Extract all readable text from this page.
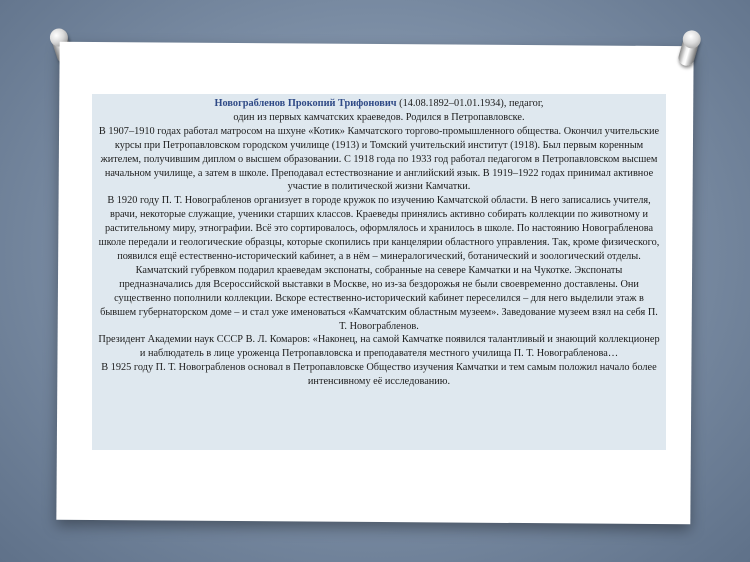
Новограбленов Прокопий Трифонович (14.08.1892–01.01.1934), педагог,

один из первых камчатских краеведов. Родился в Петропавловске.

В 1907–1910 годах работал матросом на шхуне «Котик» Камчатского торгово-промышленного общества. Окончил учительские курсы при Петропавловском городском училище (1913) и Томский учительский институт (1918). Был первым коренным жителем, получившим диплом о высшем образовании. С 1918 года по 1933 год работал педагогом в Петропавловском высшем начальном училище, а затем в школе. Преподавал естествознание и английский язык. В 1919–1922 годах принимал активное участие в политической жизни Камчатки.

В 1920 году П. Т. Новограбленов организует в городе кружок по изучению Камчатской области. В него записались учителя, врачи, некоторые служащие, ученики старших классов. Краеведы принялись активно собирать коллекции по животному и растительному миру, этнографии. Всё это сортировалось, оформлялось и хранилось в школе. По настоянию Новограбленова школе передали и геологические образцы, которые скопились при канцелярии областного управления. Так, кроме физического, появился ещё естественно-исторический кабинет, а в нём – минералогический, ботанический и зоологический отделы.

Камчатский губревком подарил краеведам экспонаты, собранные на севере Камчатки и на Чукотке. Экспонаты предназначались для Всероссийской выставки в Москве, но из-за бездорожья не были своевременно доставлены. Они существенно пополнили коллекции. Вскоре естественно-исторический кабинет переселился – для него выделили этаж в бывшем губернаторском доме – и стал уже именоваться «Камчатским областным музеем». Заведование музеем взял на себя П. Т. Новограбленов.

Президент Академии наук СССР В. Л. Комаров: «Наконец, на самой Камчатке появился талантливый и знающий коллекционер и наблюдатель в лице уроженца Петропавловска и преподавателя местного училища П. Т. Новограбленова…

В 1925 году П. Т. Новограбленов основал в Петропавловске Общество изучения Камчатки и тем самым положил начало более интенсивному её исследованию.
